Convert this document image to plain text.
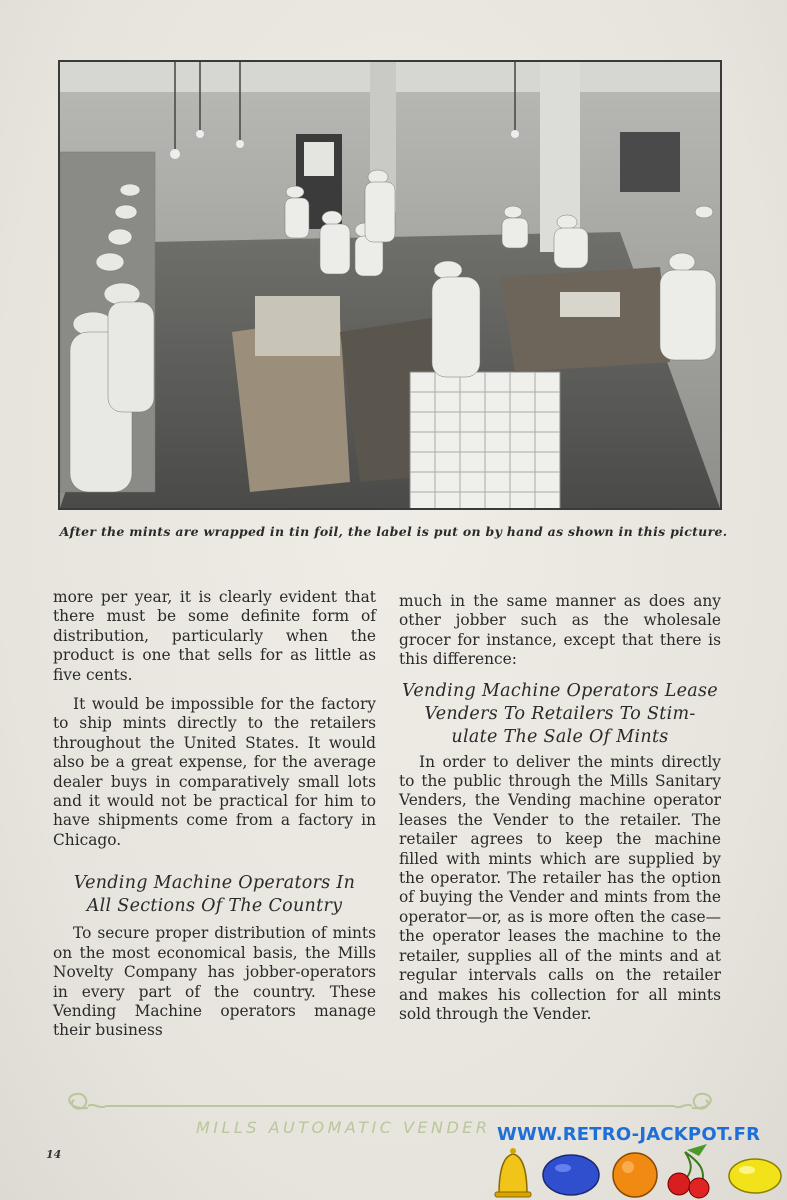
After the mints are wrapped in tin foil, the label is put on by hand as shown in this picture.

more per year, it is clearly evident that there must be some definite form of distribution, particularly when the product is one that sells for as little as five cents.

It would be impossible for the factory to ship mints directly to the retailers throughout the United States. It would also be a great expense, for the average dealer buys in comparatively small lots and it would not be practical for him to have shipments come from a factory in Chicago.

Vending Machine Operators In
All Sections Of The Country

To secure proper distribution of mints on the most economical basis, the Mills Novelty Company has jobber-operators in every part of the country. These Vending Machine operators manage their business

much in the same manner as does any other jobber such as the wholesale grocer for instance, except that there is this difference:

Vending Machine Operators Lease
Venders To Retailers To Stim-
ulate The Sale Of Mints

In order to deliver the mints directly to the public through the Mills Sanitary Venders, the Vending machine operator leases the Vender to the retailer. The retailer agrees to keep the machine filled with mints which are supplied by the operator. The retailer has the option of buying the Vender and mints from the operator—or, as is more often the case—the operator leases the machine to the retailer, supplies all of the mints and at regular intervals calls on the retailer and makes his collection for all mints sold through the Vender.

MILLS AUTOMATIC VENDER
14
WWW.RETRO-JACKPOT.FR
